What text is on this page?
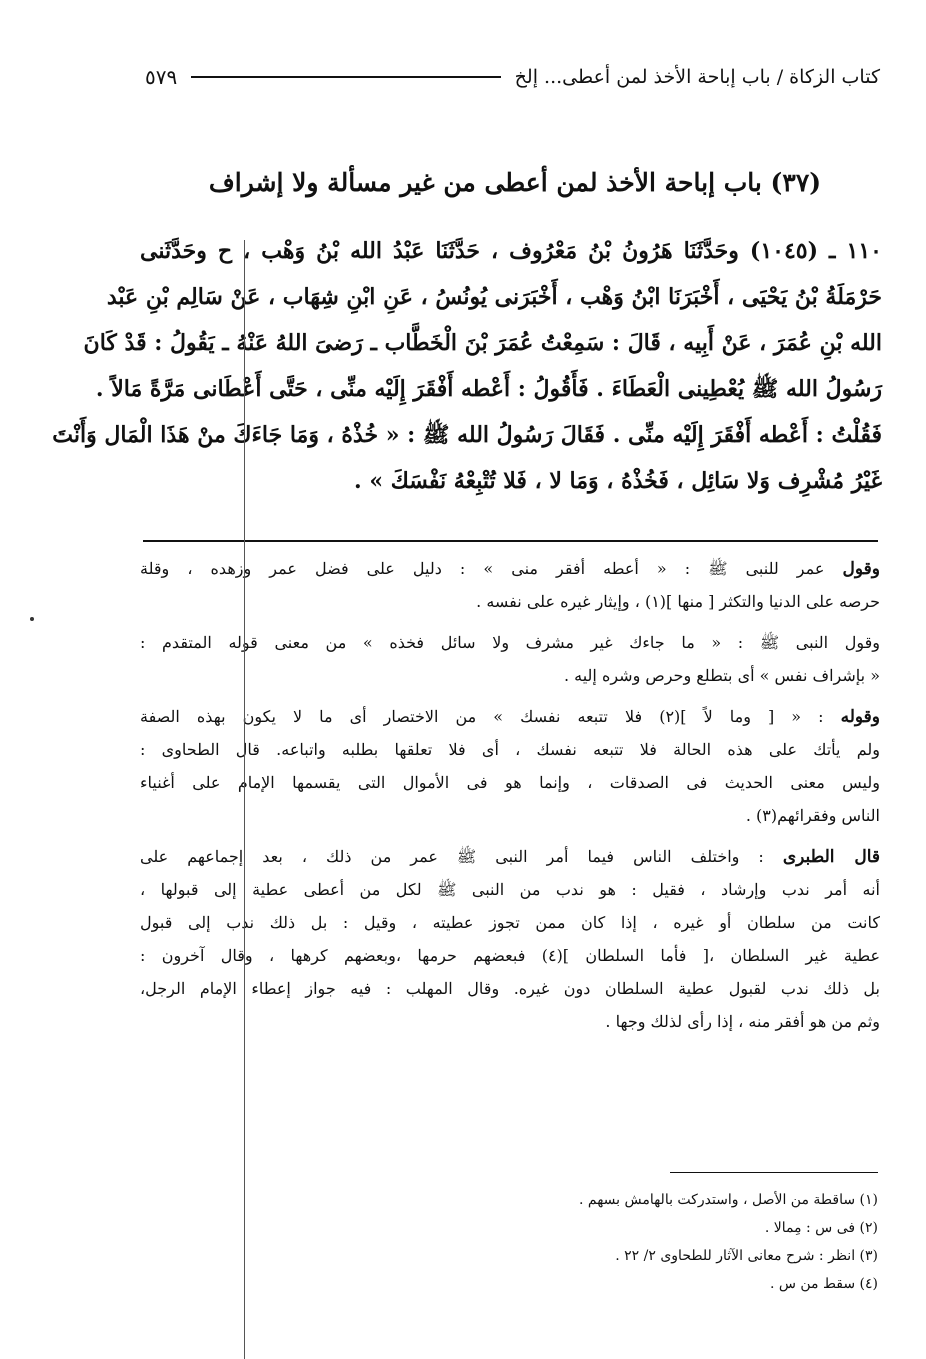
كتاب الزكاة / باب إباحة الأخذ لمن أعطى... إلخ
٥٧٩
(٣٧) باب إباحة الأخذ لمن أعطى من غير مسألة ولا إشراف
١١٠ ـ (١٠٤٥) وحَدَّثَنَا هَرُونُ بْنُ مَعْرُوف ، حَدَّثَنَا عَبْدُ الله بْنُ وَهْب ، ح وحَدَّثَنى
حَرْمَلَةُ بْنُ يَحْيَى ، أَخْبَرَنَا ابْنُ وَهْب ، أَخْبَرَنى يُونُسُ ، عَنِ ابْنِ شِهَاب ، عَنْ سَالِم بْنِ عَبْد
الله بْنِ عُمَرَ ، عَنْ أَبِيه ، قَالَ : سَمِعْتُ عُمَرَ بْنَ الْخَطَّاب ـ رَضىَ اللهُ عَنْهُ ـ يَقُولُ : قَدْ كَانَ
رَسُولُ الله ﷺ يُعْطِينى الْعَطَاءَ . فَأَقُولُ : أَعْطه أَفْقَرَ إِلَيْه منِّى ، حَتَّى أَعْطَانى مَرَّةً مَالاً .
فَقُلْتُ : أَعْطه أَفْقَرَ إِلَيْه منِّى . فَقَالَ رَسُولُ الله ﷺ : « خُذْهُ ، وَمَا جَاءَكَ منْ هَذَا الْمَال وَأَنْتَ
غَيْرُ مُشْرِف وَلا سَائِل ، فَخُذْهُ ، وَمَا لا ، فَلا تُتْبِعْهُ نَفْسَكَ » .
وقول عمر للنبى ﷺ : « أعطه أفقر منى » : دليل على فضل عمر وزهده ، وقلة
حرصه على الدنيا والتكثر [ منها ](١) ، وإيثار غيره على نفسه .
وقول النبى ﷺ : « ما جاءك غير مشرف ولا سائل فخذه » من معنى قوله المتقدم :
« بإشراف نفس » أى بتطلع وحرص وشره إليه .
وقوله : « [ وما لاً ](٢) فلا تتبعه نفسك » من الاختصار أى ما لا يكون بهذه الصفة
ولم يأتك على هذه الحالة فلا تتبعه نفسك ، أى فلا تعلقها بطلبه واتباعه. قال الطحاوى :
وليس معنى الحديث فى الصدقات ، وإنما هو فى الأموال التى يقسمها الإمام على أغنياء
الناس وفقرائهم(٣) .
قال الطبرى : واختلف الناس فيما أمر النبى ﷺ عمر من ذلك ، بعد إجماعهم على
أنه أمر ندب وإرشاد ، فقيل : هو ندب من النبى ﷺ لكل من أعطى عطية إلى قبولها ،
كانت من سلطان أو غيره ، إذا كان ممن تجوز عطيته ، وقيل : بل ذلك ندب إلى قبول
عطية غير السلطان ،[ فأما السلطان ](٤) فبعضهم حرمها ،وبعضهم كرهها ، وقال آخرون :
بل ذلك ندب لقبول عطية السلطان دون غيره. وقال المهلب : فيه جواز إعطاء الإمام الرجل،
وثم من هو أفقر منه ، إذا رأى لذلك وجها .
(١) ساقطة من الأصل ، واستدركت بالهامش بسهم .
(٢) فى س : مِمالا .
(٣) انظر : شرح معانى الآثار للطحاوى ٢/ ٢٢ .
(٤) سقط من س .
